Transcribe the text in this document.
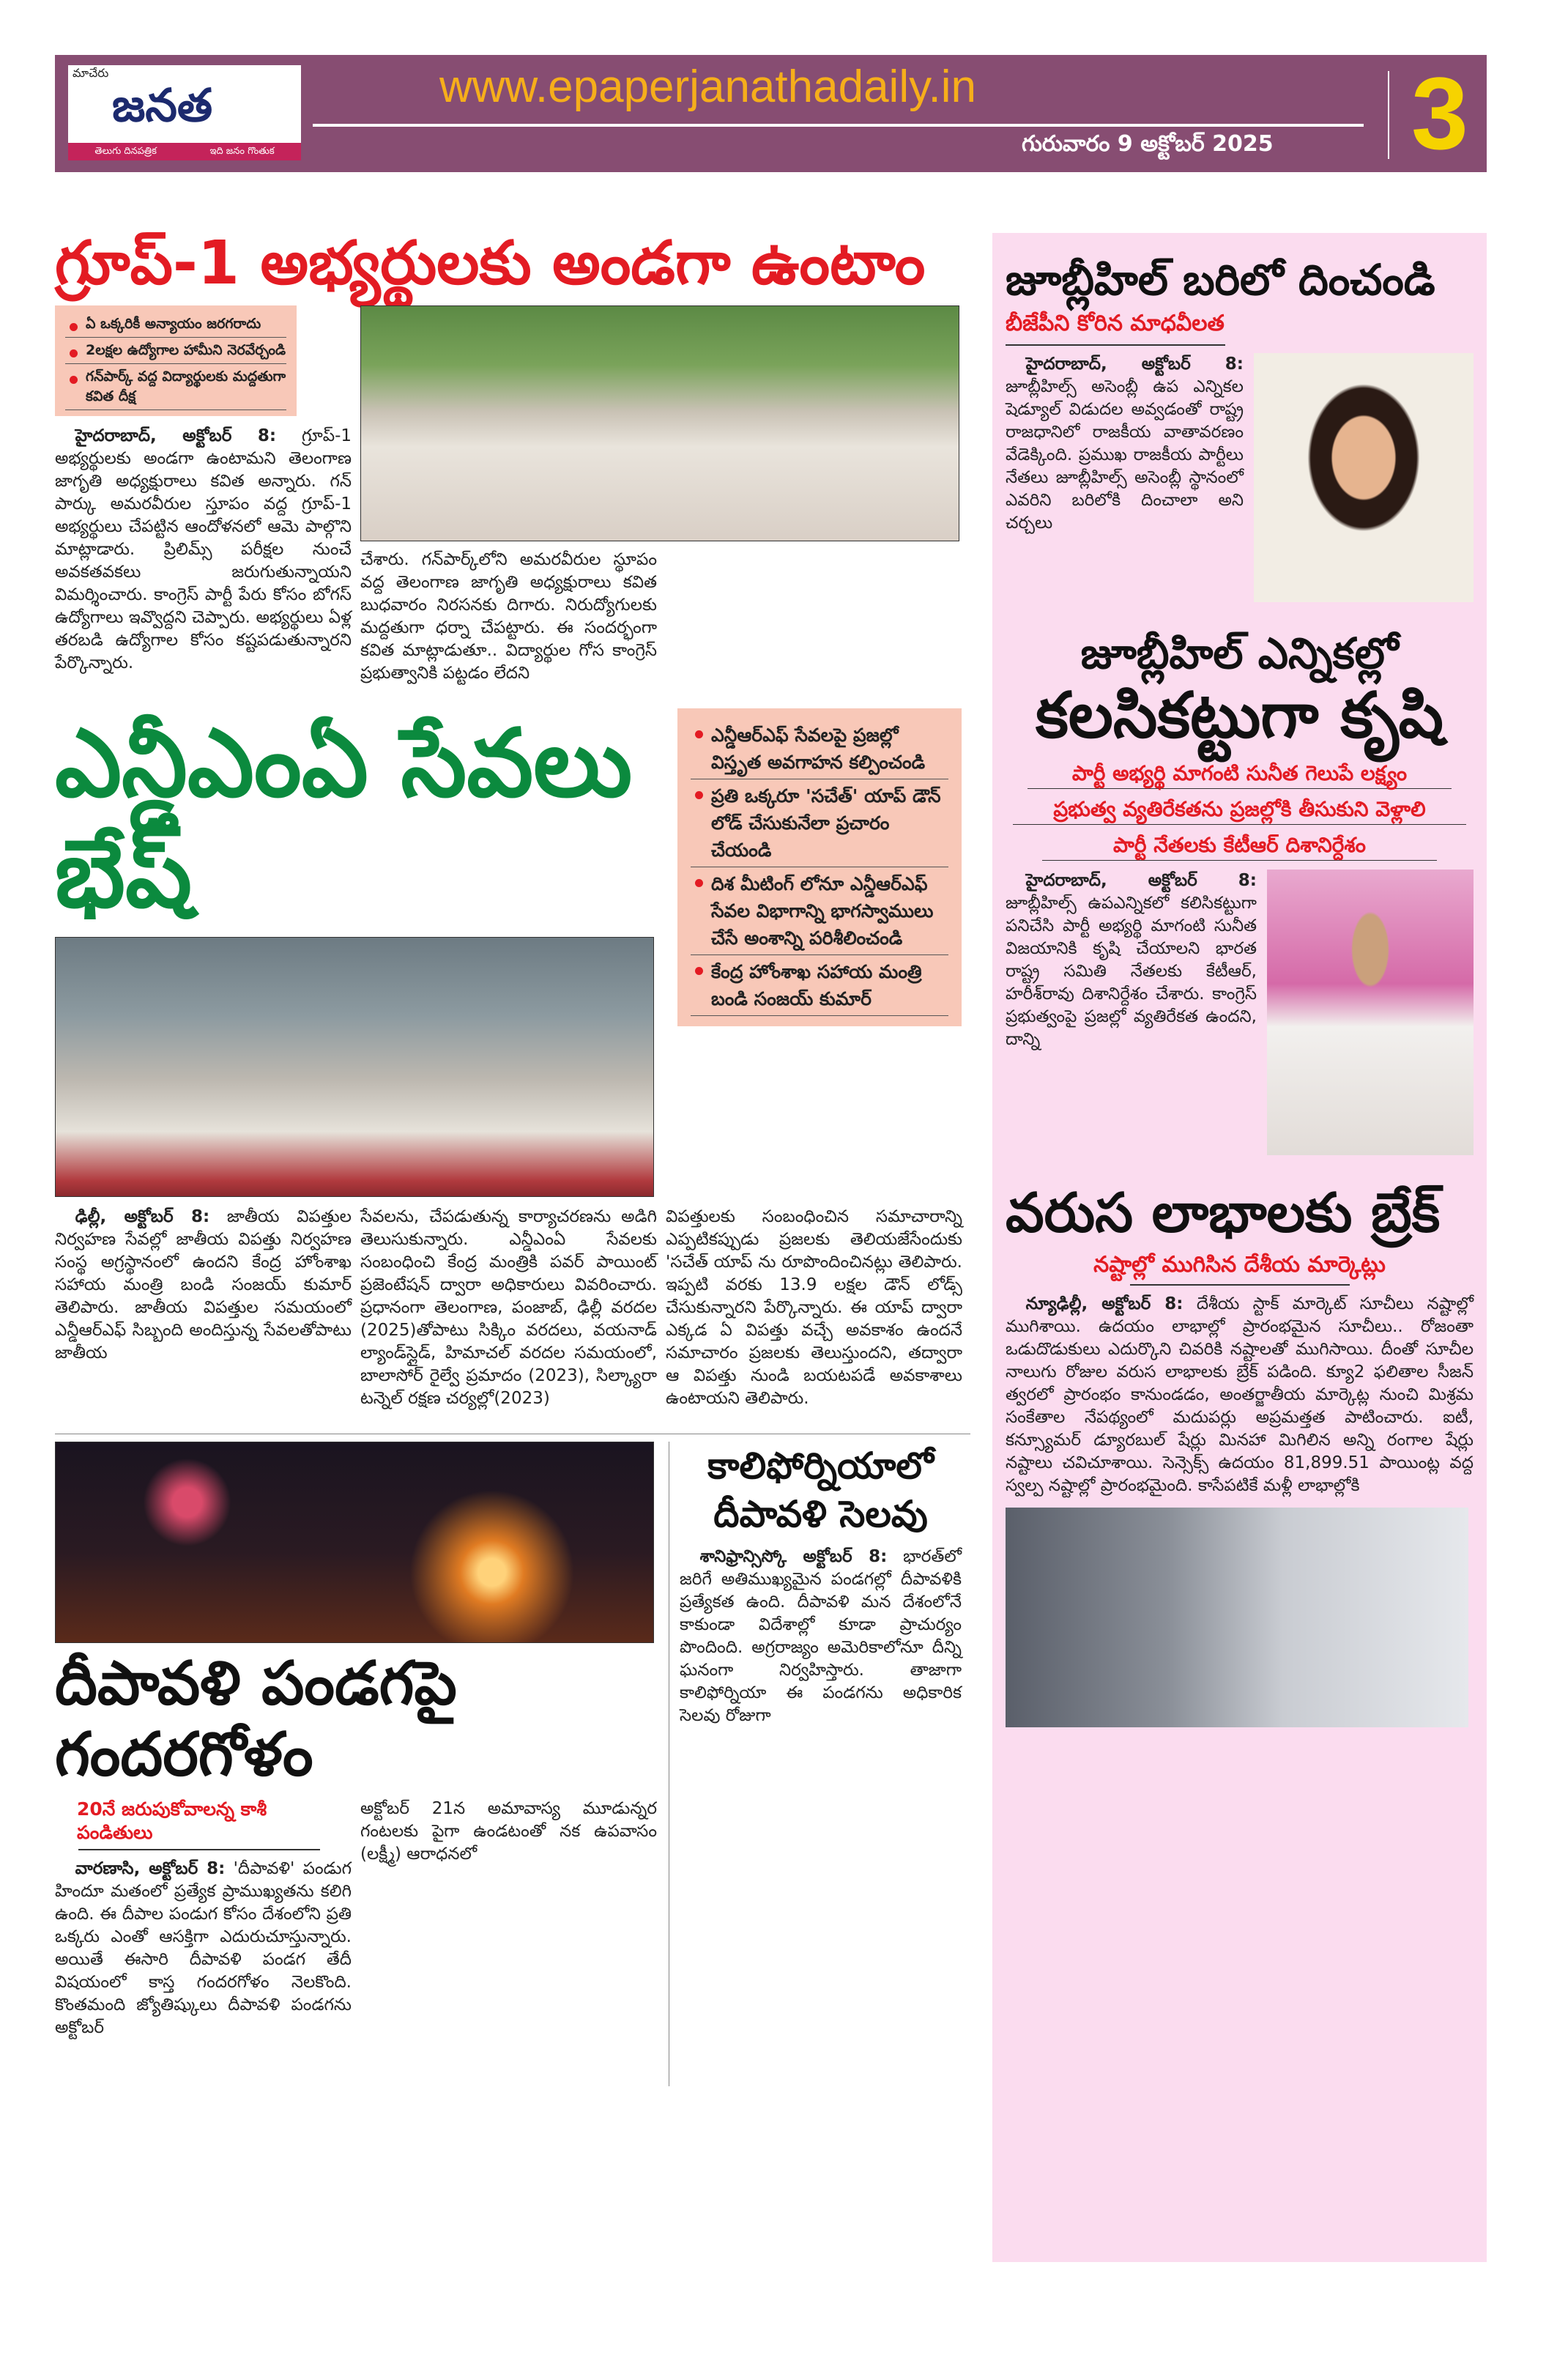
మాచేరు
జనత
తెలుగు దినపత్రిక	ఇది జనం గొంతుక
www.epaperjanathadaily.in
గురువారం 9 అక్టోబర్ 2025 3
గ్రూప్-1 అభ్యర్థులకు అండగా ఉంటాం
ఏ ఒక్కరికీ అన్యాయం జరగరాదు
2లక్షల ఉద్యోగాల హామీని నెరవేర్చండి
గన్‌పార్క్ వద్ద విద్యార్థులకు మద్దతుగా కవిత దీక్ష

హైదరాబాద్, అక్టోబర్ 8: గ్రూప్-1 అభ్యర్థులకు అండగా ఉంటామని తెలంగాణ జాగృతి అధ్యక్షురాలు కవిత అన్నారు. గన్ పార్కు అమరవీరుల స్తూపం వద్ద గ్రూప్-1 అభ్యర్థులు చేపట్టిన ఆందోళనలో ఆమె పాల్గొని మాట్లాడారు. ప్రిలిమ్స్ పరీక్షల నుంచే అవకతవకలు జరుగుతున్నాయని విమర్శించారు. కాంగ్రెస్ పార్టీ పేరు కోసం బోగస్ ఉద్యోగాలు ఇవ్వొద్దని చెప్పారు. అభ్యర్థులు ఏళ్ల తరబడి ఉద్యోగాల కోసం కష్టపడుతున్నారని పేర్కొన్నారు.

చేశారు. గన్‌పార్క్‌లోని అమరవీరుల స్థూపం వద్ద తెలంగాణ జాగృతి అధ్యక్షురాలు కవిత బుధవారం నిరసనకు దిగారు. నిరుద్యోగులకు మద్దతుగా ధర్నా చేపట్టారు. ఈ సందర్భంగా కవిత మాట్లాడుతూ.. విద్యార్థుల గోస కాంగ్రెస్ ప్రభుత్వానికి పట్టడం లేదని

ఎన్డీఎంఏ సేవలు భేష్
ఎన్డీఆర్ఎఫ్ సేవలపై ప్రజల్లో విస్తృత అవగాహన కల్పించండి
ప్రతి ఒక్కరూ 'సచేత్' యాప్ డౌన్ లోడ్ చేసుకునేలా ప్రచారం చేయండి
దిశ మీటింగ్ లోనూ ఎన్డీఆర్ఎఫ్ సేవల విభాగాన్ని భాగస్వాములు చేసే అంశాన్ని పరిశీలించండి
కేంద్ర హోంశాఖ సహాయ మంత్రి బండి సంజయ్ కుమార్

ఢిల్లీ, అక్టోబర్ 8: జాతీయ విపత్తుల నిర్వహణ సేవల్లో జాతీయ విపత్తు నిర్వహణ సంస్థ అగ్రస్థానంలో ఉందని కేంద్ర హోంశాఖ సహాయ మంత్రి బండి సంజయ్ కుమార్ తెలిపారు. జాతీయ విపత్తుల సమయంలో ఎన్డీఆర్ఎఫ్ సిబ్బంది అందిస్తున్న సేవలతోపాటు జాతీయ

సేవలను, చేపడుతున్న కార్యాచరణను అడిగి తెలుసుకున్నారు. ఎన్డీఎంఏ సేవలకు సంబంధించి కేంద్ర మంత్రికి పవర్ పాయింట్ ప్రజెంటేషన్ ద్వారా అధికారులు వివరించారు. ప్రధానంగా తెలంగాణ, పంజాబ్, ఢిల్లీ వరదల (2025)తోపాటు సిక్కిం వరదలు, వయనాడ్ ల్యాండ్‌స్లైడ్, హిమాచల్ వరదల సమయంలో, బాలాసోర్ రైల్వే ప్రమాదం (2023), సిల్క్యారా టన్నెల్ రక్షణ చర్యల్లో(2023)

విపత్తులకు సంబంధించిన సమాచారాన్ని ఎప్పటికప్పుడు ప్రజలకు తెలియజేసేందుకు 'సచేత్ యాప్ ను రూపొందించినట్లు తెలిపారు. ఇప్పటి వరకు 13.9 లక్షల డౌన్ లోడ్స్ చేసుకున్నారని పేర్కొన్నారు. ఈ యాప్ ద్వారా ఎక్కడ ఏ విపత్తు వచ్చే అవకాశం ఉందనే సమాచారం ప్రజలకు తెలుస్తుందని, తద్వారా ఆ విపత్తు నుండి బయటపడే అవకాశాలు ఉంటాయని తెలిపారు.

దీపావళి పండగపై గందరగోళం
20నే జరుపుకోవాలన్న కాశీ పండితులు

వారణాసి, అక్టోబర్ 8: 'దీపావళి' పండుగ హిందూ మతంలో ప్రత్యేక ప్రాముఖ్యతను కలిగి ఉంది. ఈ దీపాల పండుగ కోసం దేశంలోని ప్రతి ఒక్కరు ఎంతో ఆసక్తిగా ఎదురుచూస్తున్నారు. అయితే ఈసారి దీపావళి పండగ తేదీ విషయంలో కాస్త గందరగోళం నెలకొంది. కొంతమంది జ్యోతిష్కులు దీపావళి పండగను అక్టోబర్

అక్టోబర్ 21న అమావాస్య మూడున్నర గంటలకు పైగా ఉండటంతో నక ఉపవాసం (లక్ష్మీ) ఆరాధనలో

కాలిఫోర్నియాలో దీపావళి సెలవు

శానిఫ్రాన్సిస్కో అక్టోబర్ 8: భారత్‌లో జరిగే అతిముఖ్యమైన పండగల్లో దీపావళికి ప్రత్యేకత ఉంది. దీపావళి మన దేశంలోనే కాకుండా విదేశాల్లో కూడా ప్రాచుర్యం పొందింది. అగ్రరాజ్యం అమెరికాలోనూ దీన్ని ఘనంగా నిర్వహిస్తారు. తాజాగా కాలిఫోర్నియా ఈ పండగను అధికారిక సెలవు రోజుగా

జూబ్లీహిల్ బరిలో దించండి
బీజేపీని కోరిన మాధవీలత

హైదరాబాద్, అక్టోబర్ 8: జూబ్లీహిల్స్ అసెంబ్లీ ఉప ఎన్నికల షెడ్యూల్ విడుదల అవ్వడంతో రాష్ట్ర రాజధానిలో రాజకీయ వాతావరణం వేడెక్కింది. ప్రముఖ రాజకీయ పార్టీలు నేతలు జూబ్లీహిల్స్ అసెంబ్లీ స్థానంలో ఎవరిని బరిలోకి దించాలా అని చర్చలు

జూబ్లీహిల్ ఎన్నికల్లో
కలసికట్టుగా కృషి
పార్టీ అభ్యర్థి మాగంటి సునీత గెలుపే లక్ష్యం
ప్రభుత్వ వ్యతిరేకతను ప్రజల్లోకి తీసుకుని వెళ్లాలి
పార్టీ నేతలకు కేటీఆర్ దిశానిర్దేశం

హైదరాబాద్, అక్టోబర్ 8: జూబ్లీహిల్స్ ఉపఎన్నికలో కలిసికట్టుగా పనిచేసి పార్టీ అభ్యర్థి మాగంటి సునీత విజయానికి కృషి చేయాలని భారత రాష్ట్ర సమితి నేతలకు కేటీఆర్, హరీశ్‌రావు దిశానిర్దేశం చేశారు. కాంగ్రెస్ ప్రభుత్వంపై ప్రజల్లో వ్యతిరేకత ఉందని, దాన్ని

వరుస లాభాలకు బ్రేక్
నష్టాల్లో ముగిసిన దేశీయ మార్కెట్లు

న్యూఢిల్లీ, అక్టోబర్ 8: దేశీయ స్టాక్ మార్కెట్ సూచీలు నష్టాల్లో ముగిశాయి. ఉదయం లాభాల్లో ప్రారంభమైన సూచీలు.. రోజంతా ఒడుదొడుకులు ఎదుర్కొని చివరికి నష్టాలతో ముగిసాయి. దీంతో సూచీల నాలుగు రోజుల వరుస లాభాలకు బ్రేక్ పడింది. క్యూ2 ఫలితాల సీజన్ త్వరలో ప్రారంభం కానుండడం, అంతర్జాతీయ మార్కెట్ల నుంచి మిశ్రమ సంకేతాల నేపథ్యంలో మదుపర్లు అప్రమత్తత పాటించారు. ఐటీ, కన్స్యూమర్ డ్యూరబుల్ షేర్లు మినహా మిగిలిన అన్ని రంగాల షేర్లు నష్టాలు చవిచూశాయి. సెన్సెక్స్ ఉదయం 81,899.51 పాయింట్ల వద్ద స్వల్ప నష్టాల్లో ప్రారంభమైంది. కాసేపటికే మళ్లీ లాభాల్లోకి
